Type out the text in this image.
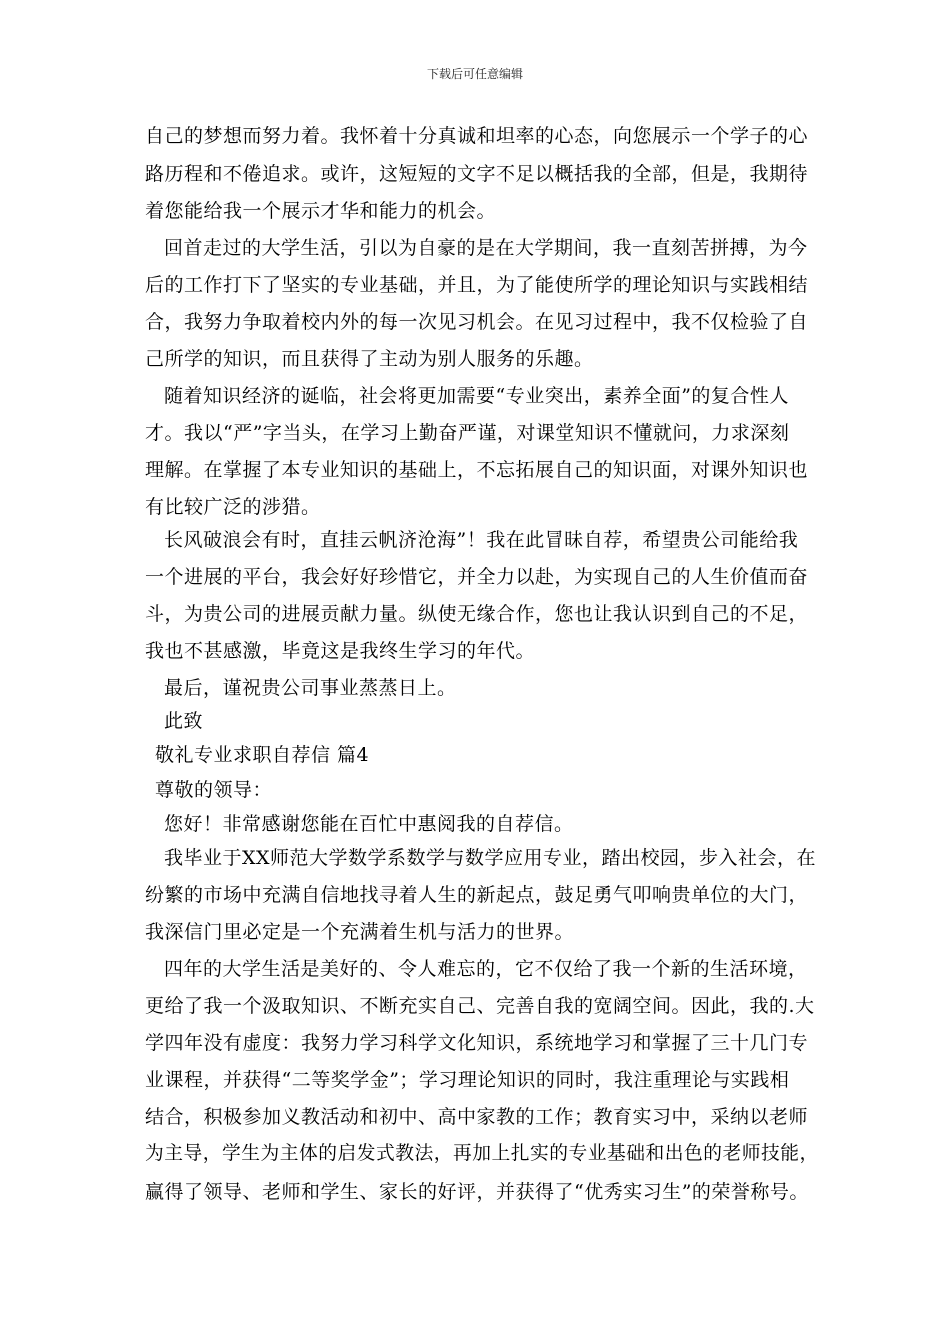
下载后可任意编辑
自己的梦想而努力着。我怀着十分真诚和坦率的心态，向您展示一个学子的心
路历程和不倦追求。或许，这短短的文字不足以概括我的全部，但是，我期待
着您能给我一个展示才华和能力的机会。
回首走过的大学生活，引以为自豪的是在大学期间，我一直刻苦拼搏，为今
后的工作打下了坚实的专业基础，并且，为了能使所学的理论知识与实践相结
合，我努力争取着校内外的每一次见习机会。在见习过程中，我不仅检验了自
己所学的知识，而且获得了主动为别人服务的乐趣。
随着知识经济的诞临，社会将更加需要“专业突出，素养全面”的复合性人
才。我以“严”字当头，在学习上勤奋严谨，对课堂知识不懂就问，力求深刻
理解。在掌握了本专业知识的基础上，不忘拓展自己的知识面，对课外知识也
有比较广泛的涉猎。
长风破浪会有时，直挂云帆济沧海”！我在此冒昧自荐，希望贵公司能给我
一个进展的平台，我会好好珍惜它，并全力以赴，为实现自己的人生价值而奋
斗，为贵公司的进展贡献力量。纵使无缘合作，您也让我认识到自己的不足，
我也不甚感激，毕竟这是我终生学习的年代。
最后，谨祝贵公司事业蒸蒸日上。
此致
敬礼专业求职自荐信 篇4
尊敬的领导：
您好！非常感谢您能在百忙中惠阅我的自荐信。
我毕业于XX师范大学数学系数学与数学应用专业，踏出校园，步入社会，在
纷繁的市场中充满自信地找寻着人生的新起点，鼓足勇气叩响贵单位的大门，
我深信门里必定是一个充满着生机与活力的世界。
四年的大学生活是美好的、令人难忘的，它不仅给了我一个新的生活环境，
更给了我一个汲取知识、不断充实自己、完善自我的宽阔空间。因此，我的.大
学四年没有虚度：我努力学习科学文化知识，系统地学习和掌握了三十几门专
业课程，并获得“二等奖学金”；学习理论知识的同时，我注重理论与实践相
结合，积极参加义教活动和初中、高中家教的工作；教育实习中，采纳以老师
为主导，学生为主体的启发式教法，再加上扎实的专业基础和出色的老师技能，
赢得了领导、老师和学生、家长的好评，并获得了“优秀实习生”的荣誉称号。
